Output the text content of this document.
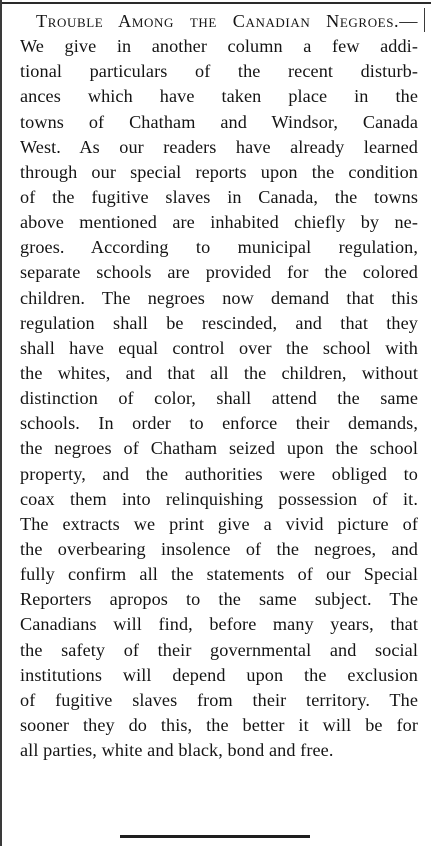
Trouble Among the Canadian Negroes.—
We give in another column a few addi-
tional particulars of the recent disturb-
ances which have taken place in the
towns of Chatham and Windsor, Canada
West. As our readers have already learned
through our special reports upon the condition
of the fugitive slaves in Canada, the towns
above mentioned are inhabited chiefly by ne-
groes. According to municipal regulation,
separate schools are provided for the colored
children. The negroes now demand that this
regulation shall be rescinded, and that they
shall have equal control over the school with
the whites, and that all the children, without
distinction of color, shall attend the same
schools. In order to enforce their demands,
the negroes of Chatham seized upon the school
property, and the authorities were obliged to
coax them into relinquishing possession of it.
The extracts we print give a vivid picture of
the overbearing insolence of the negroes, and
fully confirm all the statements of our Special
Reporters apropos to the same subject. The
Canadians will find, before many years, that
the safety of their governmental and social
institutions will depend upon the exclusion
of fugitive slaves from their territory. The
sooner they do this, the better it will be for
all parties, white and black, bond and free.
